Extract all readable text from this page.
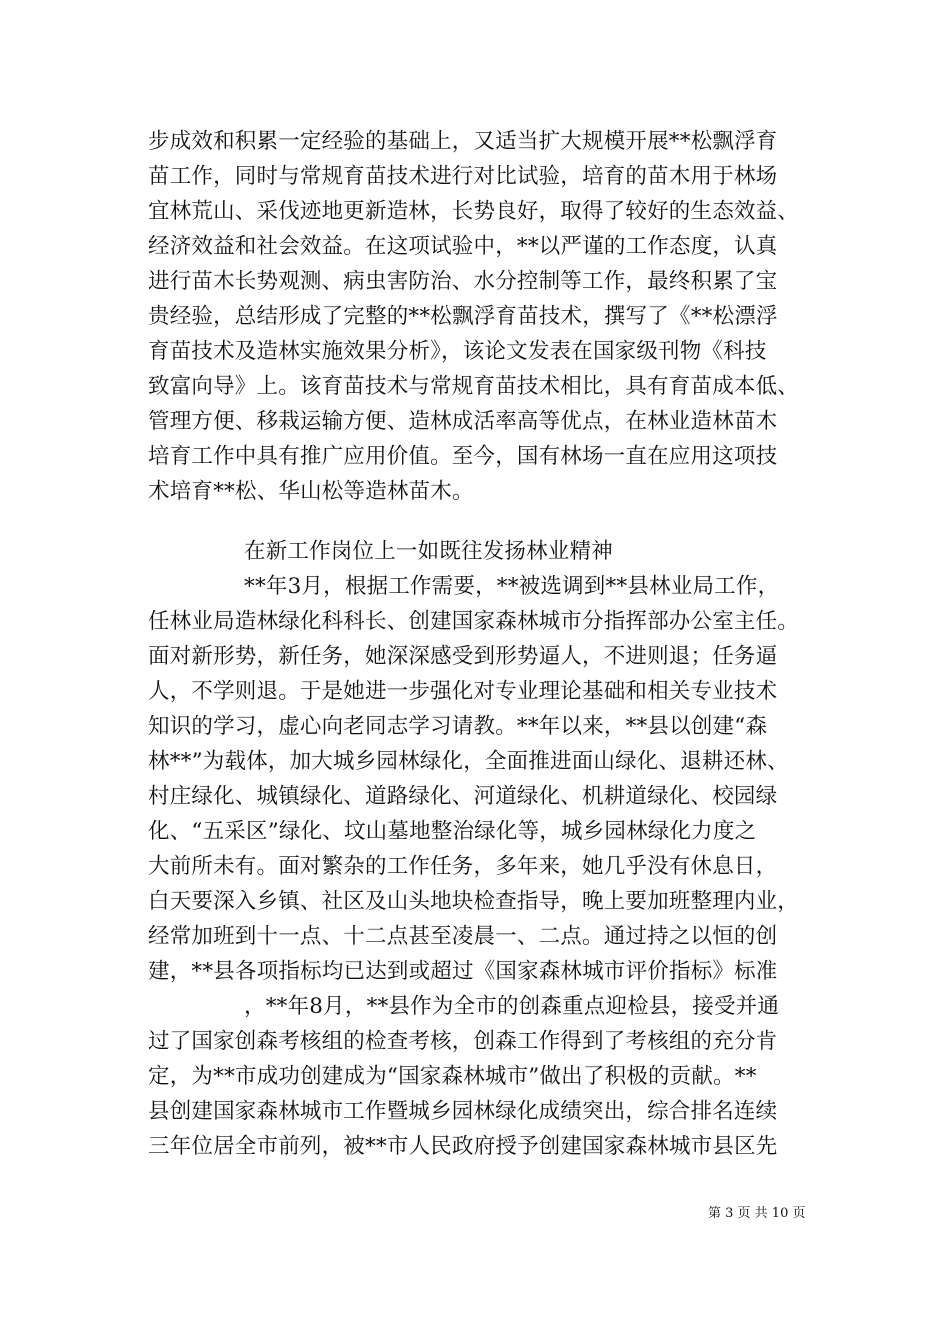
步成效和积累一定经验的基础上，又适当扩大规模开展**松飘浮育
苗工作，同时与常规育苗技术进行对比试验，培育的苗木用于林场
宜林荒山、采伐迹地更新造林，长势良好，取得了较好的生态效益、
经济效益和社会效益。在这项试验中，**以严谨的工作态度，认真
进行苗木长势观测、病虫害防治、水分控制等工作，最终积累了宝
贵经验，总结形成了完整的**松飘浮育苗技术，撰写了《**松漂浮
育苗技术及造林实施效果分析》，该论文发表在国家级刊物《科技
致富向导》上。该育苗技术与常规育苗技术相比，具有育苗成本低、
管理方便、移栽运输方便、造林成活率高等优点，在林业造林苗木
培育工作中具有推广应用价值。至今，国有林场一直在应用这项技
术培育**松、华山松等造林苗木。
在新工作岗位上一如既往发扬林业精神
**年3月，根据工作需要，**被选调到**县林业局工作，
任林业局造林绿化科科长、创建国家森林城市分指挥部办公室主任。
面对新形势，新任务，她深深感受到形势逼人，不进则退；任务逼
人，不学则退。于是她进一步强化对专业理论基础和相关专业技术
知识的学习，虚心向老同志学习请教。**年以来，**县以创建“森
林**”为载体，加大城乡园林绿化，全面推进面山绿化、退耕还林、
村庄绿化、城镇绿化、道路绿化、河道绿化、机耕道绿化、校园绿
化、“五采区”绿化、坟山墓地整治绿化等，城乡园林绿化力度之
大前所未有。面对繁杂的工作任务，多年来，她几乎没有休息日，
白天要深入乡镇、社区及山头地块检查指导，晚上要加班整理内业，
经常加班到十一点、十二点甚至凌晨一、二点。通过持之以恒的创
建，**县各项指标均已达到或超过《国家森林城市评价指标》标准
，**年8月，**县作为全市的创森重点迎检县，接受并通
过了国家创森考核组的检查考核，创森工作得到了考核组的充分肯
定，为**市成功创建成为“国家森林城市”做出了积极的贡献。**
县创建国家森林城市工作暨城乡园林绿化成绩突出，综合排名连续
三年位居全市前列，被**市人民政府授予创建国家森林城市县区先
第 3 页 共 10 页
